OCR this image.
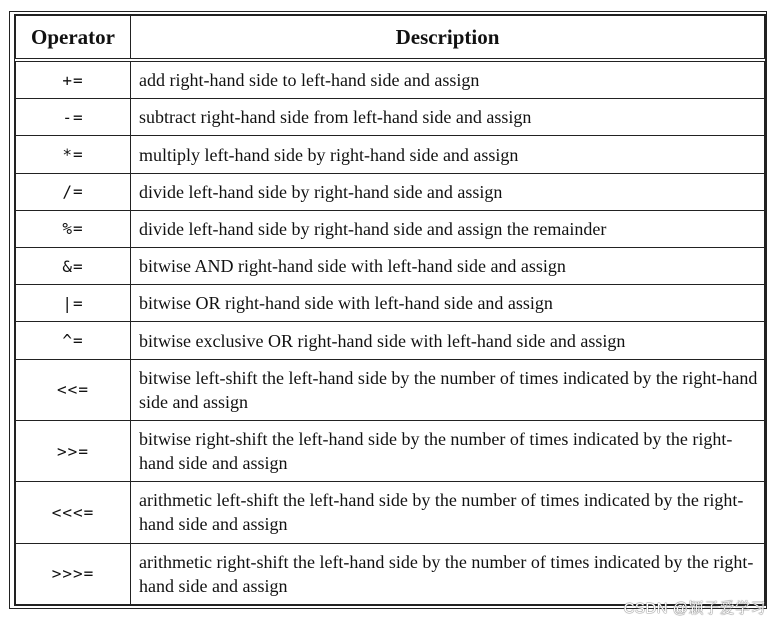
Operator	Description
+=	add right-hand side to left-hand side and assign
-=	subtract right-hand side from left-hand side and assign
*=	multiply left-hand side by right-hand side and assign
/=	divide left-hand side by right-hand side and assign
%=	divide left-hand side by right-hand side and assign the remainder
&=	bitwise AND right-hand side with left-hand side and assign
|=	bitwise OR right-hand side with left-hand side and assign
^=	bitwise exclusive OR right-hand side with left-hand side and assign
<<=	bitwise left-shift the left-hand side by the number of times indicated by the right-hand side and assign
>>=	bitwise right-shift the left-hand side by the number of times indicated by the right-hand side and assign
<<<=	arithmetic left-shift the left-hand side by the number of times indicated by the right-hand side and assign
>>>=	arithmetic right-shift the left-hand side by the number of times indicated by the right-hand side and assign
CSDN @颖子爱学习
